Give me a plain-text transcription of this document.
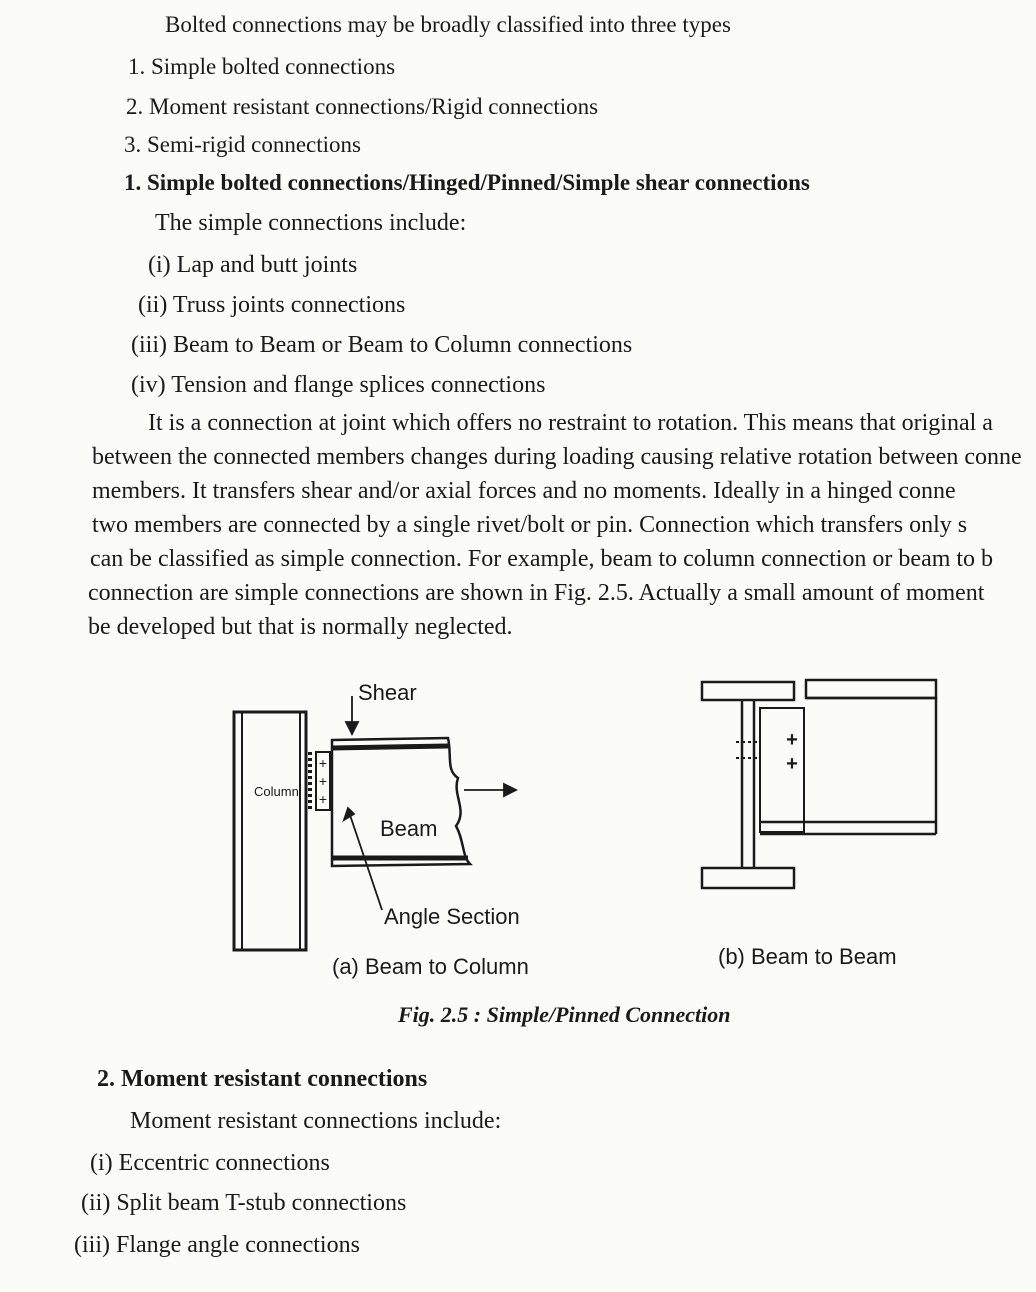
Bolted connections may be broadly classified into three types
1. Simple bolted connections
2. Moment resistant connections/Rigid connections
3. Semi-rigid connections
1. Simple bolted connections/Hinged/Pinned/Simple shear connections
The simple connections include:
(i) Lap and butt joints
(ii) Truss joints connections
(iii) Beam to Beam or Beam to Column connections
(iv) Tension and flange splices connections
It is a connection at joint which offers no restraint to rotation. This means that original a
between the connected members changes during loading causing relative rotation between conne
members. It transfers shear and/or axial forces and no moments. Ideally in a hinged conne
two members are connected by a single rivet/bolt or pin. Connection which transfers only s
can be classified as simple connection. For example, beam to column connection or beam to b
connection are simple connections are shown in Fig. 2.5. Actually a small amount of moment
be developed but that is normally neglected.
+
+
+
+
+
Shear
Column
Beam
Angle Section
(a) Beam to Column	(b) Beam to Beam
Fig. 2.5 : Simple/Pinned Connection
2. Moment resistant connections
Moment resistant connections include:
(i) Eccentric connections
(ii) Split beam T-stub connections
(iii) Flange angle connections
